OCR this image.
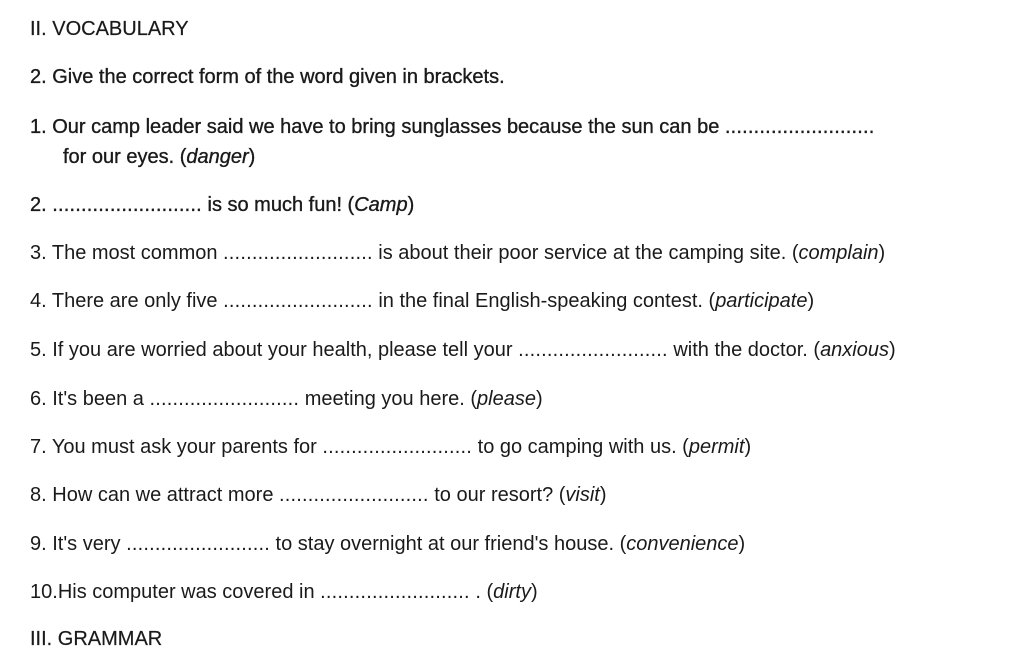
II. VOCABULARY
2. Give the correct form of the word given in brackets.
1. Our camp leader said we have to bring sunglasses because the sun can be ..........................
for our eyes. (danger)
2. .......................... is so much fun! (Camp)
3. The most common .......................... is about their poor service at the camping site. (complain)
4. There are only five .......................... in the final English-speaking contest. (participate)
5. If you are worried about your health, please tell your .......................... with the doctor. (anxious)
6. It's been a .......................... meeting you here. (please)
7. You must ask your parents for .......................... to go camping with us. (permit)
8. How can we attract more .......................... to our resort? (visit)
9. It's very ......................... to stay overnight at our friend's house. (convenience)
10.His computer was covered in .......................... . (dirty)
III. GRAMMAR
